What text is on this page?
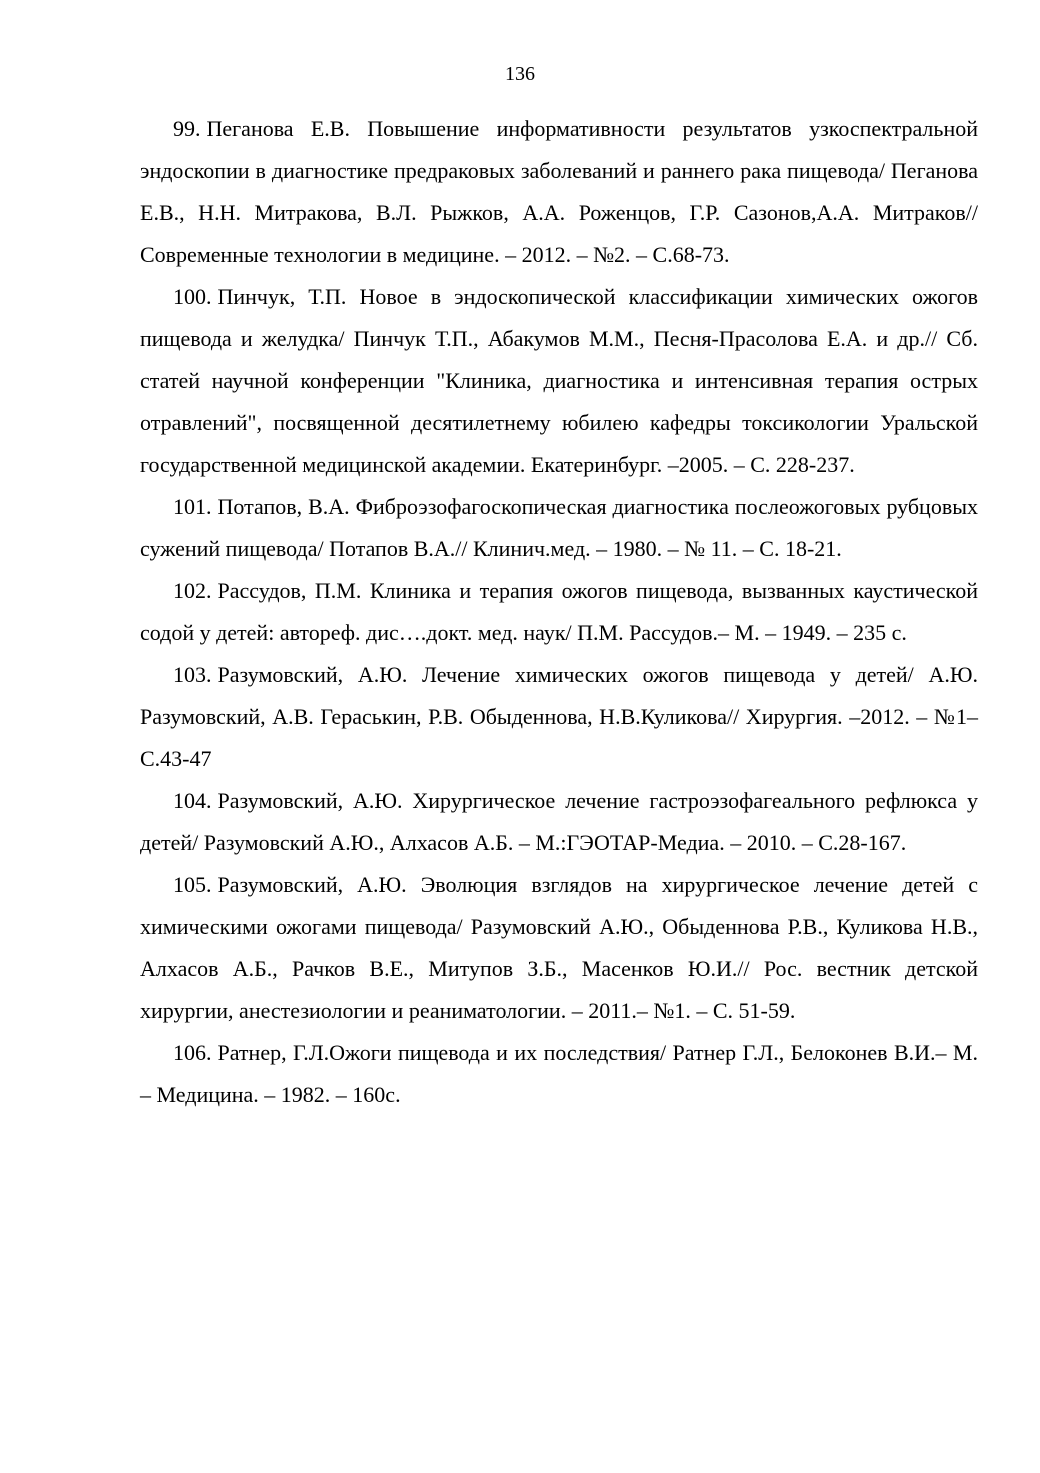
136

99. Пеганова Е.В. Повышение информативности результатов узкоспектральной эндоскопии в диагностике предраковых заболеваний и раннего рака пищевода/ Пеганова Е.В., Н.Н. Митракова, В.Л. Рыжков, А.А. Роженцов, Г.Р. Сазонов,А.А. Митраков// Современные технологии в медицине. – 2012. – №2. – С.68-73.

100. Пинчук, Т.П. Новое в эндоскопической классификации химических ожогов пищевода и желудка/ Пинчук Т.П., Абакумов М.М., Песня-Прасолова Е.А. и др.// Сб. статей научной конференции "Клиника, диагностика и интенсивная терапия острых отравлений", посвященной десятилетнему юбилею кафедры токсикологии Уральской государственной медицинской академии. Екатеринбург. –2005. – С. 228-237.

101. Потапов, В.А. Фиброэзофагоскопическая диагностика послеожоговых рубцовых сужений пищевода/ Потапов В.А.// Клинич.мед. – 1980. – № 11. – С. 18-21.

102. Рассудов, П.М. Клиника и терапия ожогов пищевода, вызванных каустической содой у детей: автореф. дис….докт. мед. наук/ П.М. Рассудов.– М. – 1949. – 235 с.

103. Разумовский, А.Ю. Лечение химических ожогов пищевода у детей/ А.Ю. Разумовский, А.В. Гераськин, Р.В. Обыденнова, Н.В.Куликова// Хирургия. –2012. – №1– С.43-47

104. Разумовский, А.Ю. Хирургическое лечение гастроэзофагеального рефлюкса у детей/ Разумовский А.Ю., Алхасов А.Б. – М.:ГЭОТАР-Медиа. – 2010. – С.28-167.

105. Разумовский, А.Ю. Эволюция взглядов на хирургическое лечение детей с химическими ожогами пищевода/ Разумовский А.Ю., Обыденнова Р.В., Куликова Н.В., Алхасов А.Б., Рачков В.Е., Митупов З.Б., Масенков Ю.И.// Рос. вестник детской хирургии, анестезиологии и реаниматологии. – 2011.– №1. – С. 51-59.

106. Ратнер, Г.Л.Ожоги пищевода и их последствия/ Ратнер Г.Л., Белоконев В.И.– М. – Медицина. – 1982. – 160с.
